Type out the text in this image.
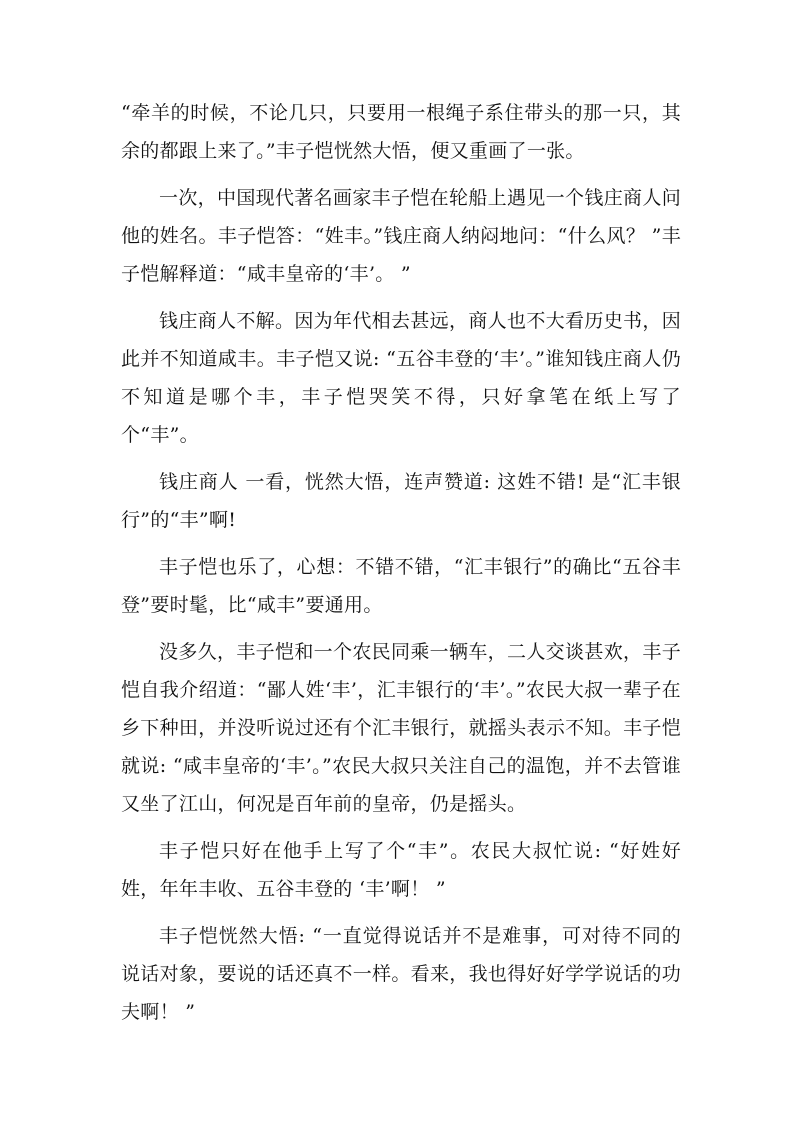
“牵羊的时候，不论几只，只要用一根绳子系住带头的那一只，其余的都跟上来了。”丰子恺恍然大悟，便又重画了一张。

一次，中国现代著名画家丰子恺在轮船上遇见一个钱庄商人问他的姓名。丰子恺答：“姓丰。”钱庄商人纳闷地问：“什么风？ ”丰子恺解释道：“咸丰皇帝的‘丰’。 ”

钱庄商人不解。因为年代相去甚远，商人也不大看历史书，因此并不知道咸丰。丰子恺又说: “五谷丰登的‘丰’。”谁知钱庄商人仍不知道是哪个丰，丰子恺哭笑不得，只好拿笔在纸上写了个“丰”。

钱庄商人 一看，恍然大悟，连声赞道: 这姓不错! 是“汇丰银行”的“丰”啊!

丰子恺也乐了，心想：不错不错，“汇丰银行”的确比“五谷丰登”要时髦，比“咸丰”要通用。

没多久，丰子恺和一个农民同乘一辆车，二人交谈甚欢，丰子恺自我介绍道：“鄙人姓‘丰’，汇丰银行的‘丰’。”农民大叔一辈子在乡下种田，并没听说过还有个汇丰银行，就摇头表示不知。丰子恺就说: “咸丰皇帝的‘丰’。”农民大叔只关注自己的温饱，并不去管谁又坐了江山，何况是百年前的皇帝，仍是摇头。

丰子恺只好在他手上写了个“丰”。农民大叔忙说: “好姓好姓，年年丰收、五谷丰登的 ‘丰’啊！ ”

丰子恺恍然大悟: “一直觉得说话并不是难事，可对待不同的说话对象，要说的话还真不一样。看来，我也得好好学学说话的功夫啊！ ”
